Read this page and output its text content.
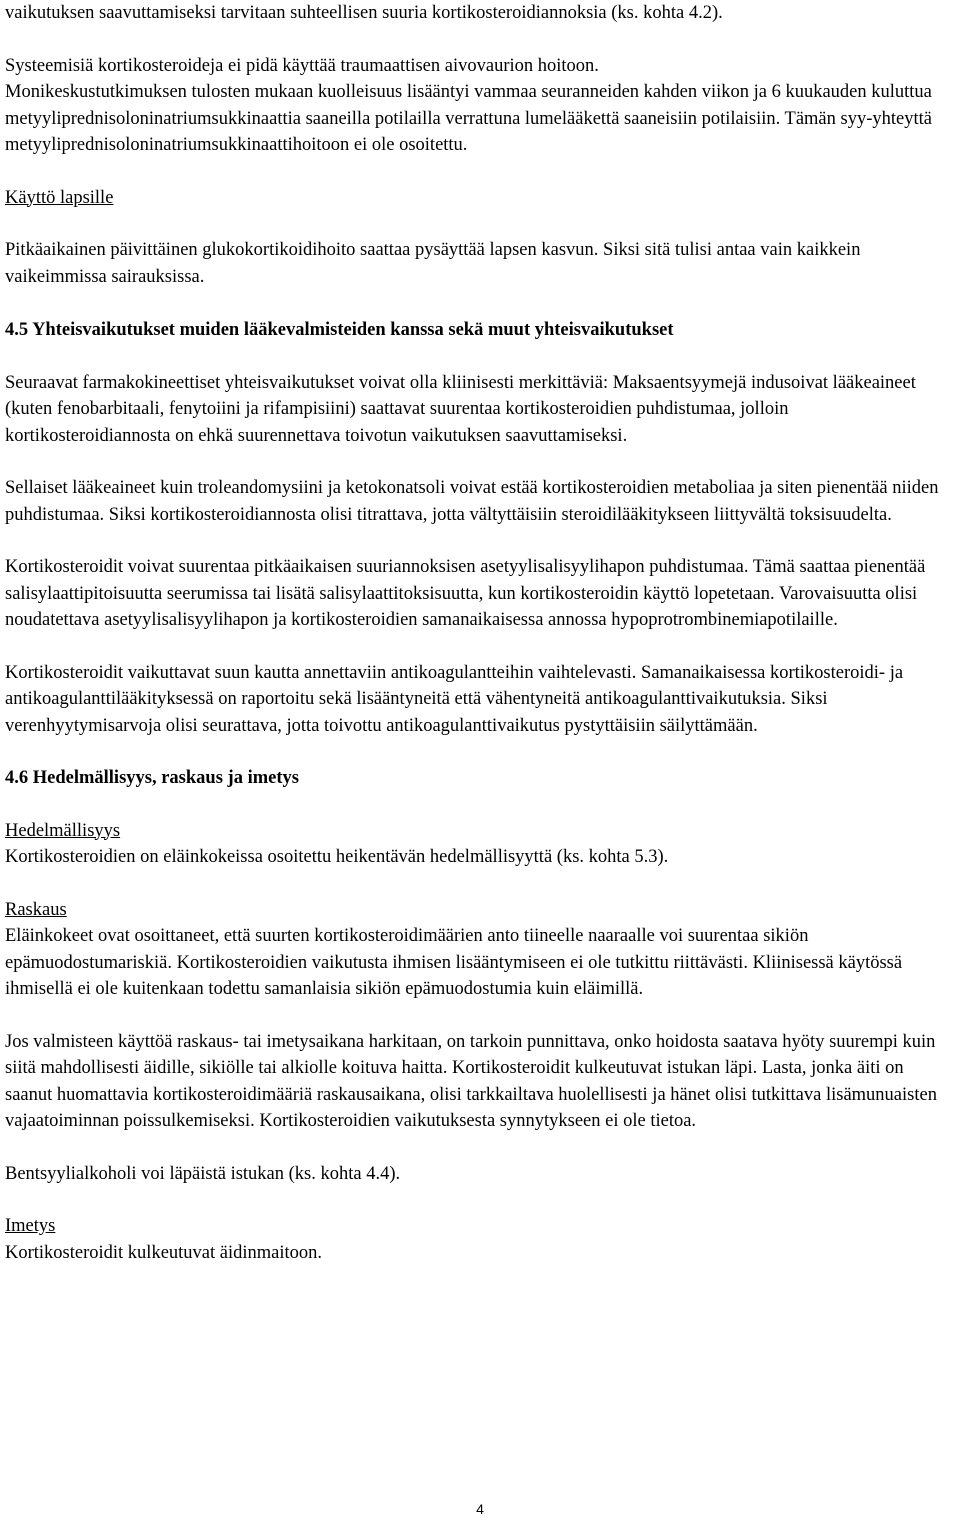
vaikutuksen saavuttamiseksi tarvitaan suhteellisen suuria kortikosteroidiannoksia (ks. kohta 4.2).

Systeemisiä kortikosteroideja ei pidä käyttää traumaattisen aivovaurion hoitoon.

Monikeskustutkimuksen tulosten mukaan kuolleisuus lisääntyi vammaa seuranneiden kahden viikon ja 6 kuukauden kuluttua metyyliprednisoloninatriumsukkinaattia saaneilla potilailla verrattuna lumelääkettä saaneisiin potilaisiin. Tämän syy-yhteyttä metyyliprednisoloninatriumsukkinaattihoitoon ei ole osoitettu.

Käyttö lapsille

Pitkäaikainen päivittäinen glukokortikoidihoito saattaa pysäyttää lapsen kasvun. Siksi sitä tulisi antaa vain kaikkein vaikeimmissa sairauksissa.

4.5 Yhteisvaikutukset muiden lääkevalmisteiden kanssa sekä muut yhteisvaikutukset

Seuraavat farmakokineettiset yhteisvaikutukset voivat olla kliinisesti merkittäviä: Maksaentsyymejä indusoivat lääkeaineet (kuten fenobarbitaali, fenytoiini ja rifampisiini) saattavat suurentaa kortikosteroidien puhdistumaa, jolloin kortikosteroidiannosta on ehkä suurennettava toivotun vaikutuksen saavuttamiseksi.

Sellaiset lääkeaineet kuin troleandomysiini ja ketokonatsoli voivat estää kortikosteroidien metaboliaa ja siten pienentää niiden puhdistumaa. Siksi kortikosteroidiannosta olisi titrattava, jotta vältyttäisiin steroidilääkitykseen liittyvältä toksisuudelta.

Kortikosteroidit voivat suurentaa pitkäaikaisen suuriannoksisen asetyylisalisyylihapon puhdistumaa. Tämä saattaa pienentää salisylaattipitoisuutta seerumissa tai lisätä salisylaattitoksisuutta, kun kortikosteroidin käyttö lopetetaan. Varovaisuutta olisi noudatettava asetyylisalisyylihapon ja kortikosteroidien samanaikaisessa annossa hypoprotrombinemiapotilaille.

Kortikosteroidit vaikuttavat suun kautta annettaviin antikoagulantteihin vaihtelevasti. Samanaikaisessa kortikosteroidi- ja antikoagulanttilääkityksessä on raportoitu sekä lisääntyneitä että vähentyneitä antikoagulanttivaikutuksia. Siksi verenhyytymisarvoja olisi seurattava, jotta toivottu antikoagulanttivaikutus pystyttäisiin säilyttämään.

4.6 Hedelmällisyys, raskaus ja imetys

Hedelmällisyys

Kortikosteroidien on eläinkokeissa osoitettu heikentävän hedelmällisyyttä (ks. kohta 5.3).

Raskaus

Eläinkokeet ovat osoittaneet, että suurten kortikosteroidimäärien anto tiineelle naaraalle voi suurentaa sikiön epämuodostumariskiä. Kortikosteroidien vaikutusta ihmisen lisääntymiseen ei ole tutkittu riittävästi. Kliinisessä käytössä ihmisellä ei ole kuitenkaan todettu samanlaisia sikiön epämuodostumia kuin eläimillä.

Jos valmisteen käyttöä raskaus- tai imetysaikana harkitaan, on tarkoin punnittava, onko hoidosta saatava hyöty suurempi kuin siitä mahdollisesti äidille, sikiölle tai alkiolle koituva haitta. Kortikosteroidit kulkeutuvat istukan läpi. Lasta, jonka äiti on saanut huomattavia kortikosteroidimääriä raskausaikana, olisi tarkkailtava huolellisesti ja hänet olisi tutkittava lisämunuaisten vajaatoiminnan poissulkemiseksi. Kortikosteroidien vaikutuksesta synnytykseen ei ole tietoa.

Bentsyylialkoholi voi läpäistä istukan (ks. kohta 4.4).

Imetys

Kortikosteroidit kulkeutuvat äidinmaitoon.

4
